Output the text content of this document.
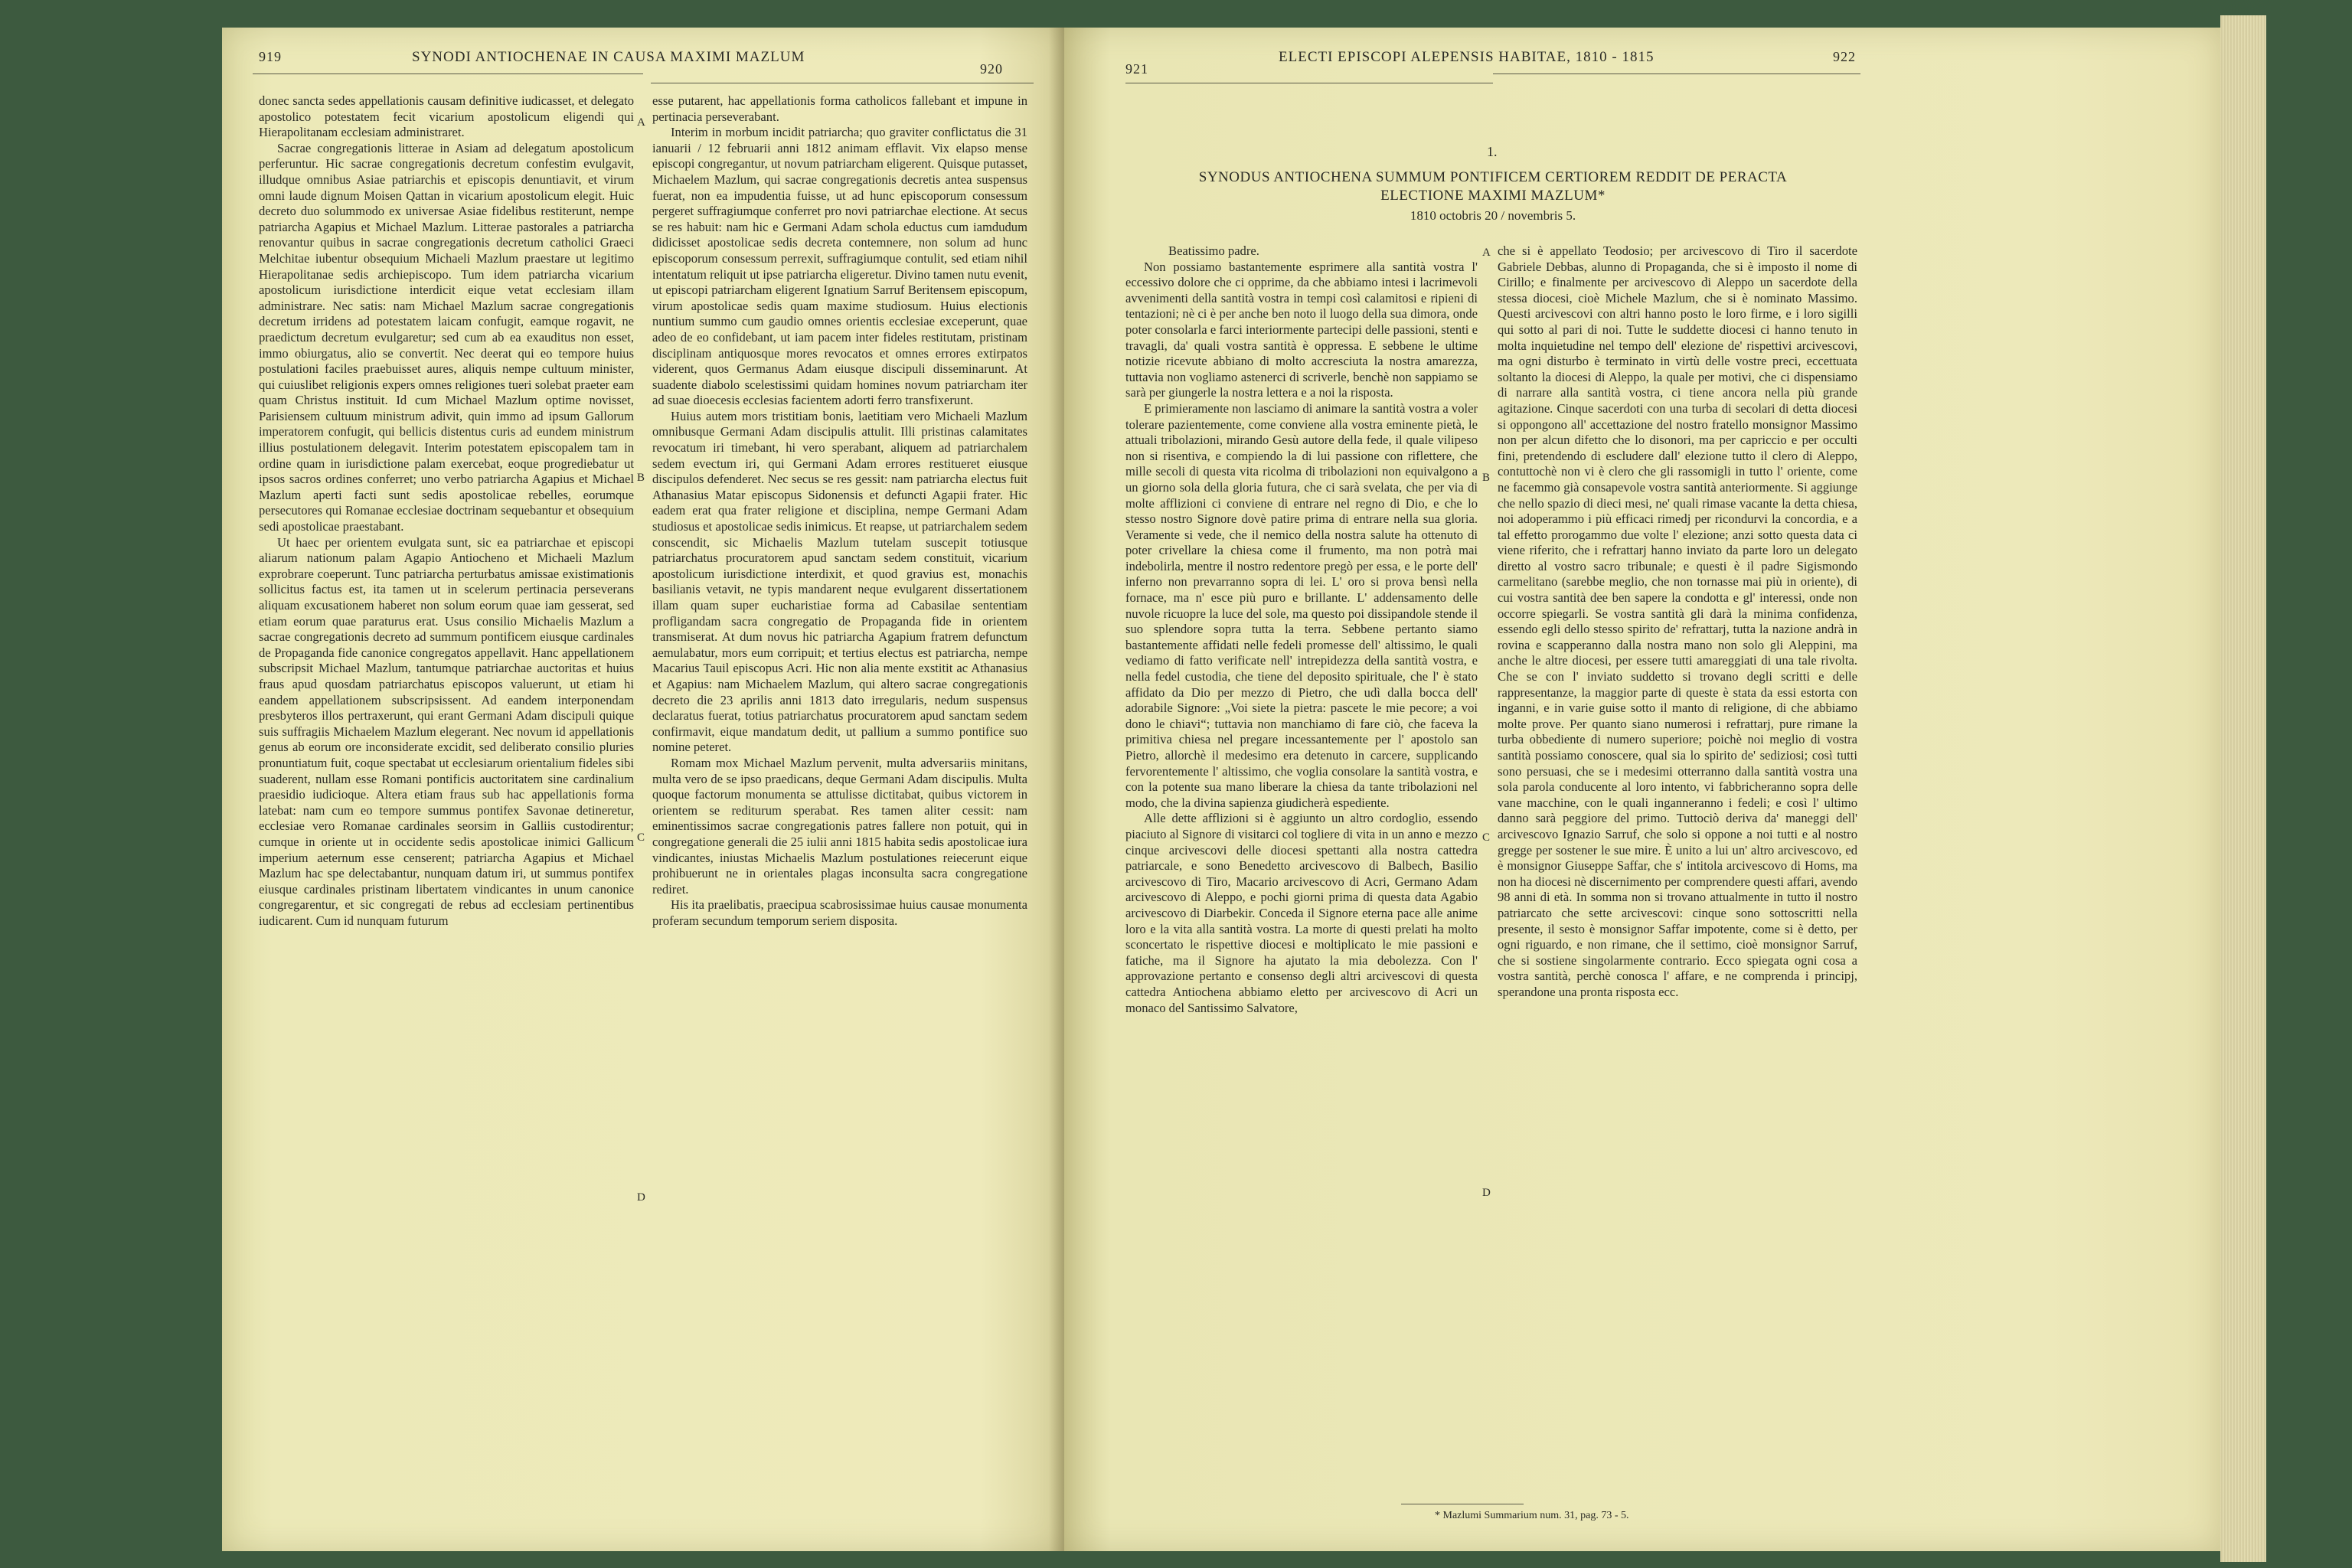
919	SYNODI ANTIOCHENAE IN CAUSA MAXIMI MAZLUM
920

donec sancta sedes appellationis causam definitive iudicasset, et delegato apostolico potestatem fecit vicarium apostolicum eligendi qui Hierapolitanam ecclesiam administraret.

Sacrae congregationis litterae in Asiam ad delegatum apostolicum perferuntur. Hic sacrae congregationis decretum confestim evulgavit, illudque omnibus Asiae patriarchis et episcopis denuntiavit, et virum omni laude dignum Moisen Qattan in vicarium apostolicum elegit. Huic decreto duo solummodo ex universae Asiae fidelibus restiterunt, nempe patriarcha Agapius et Michael Mazlum. Litterae pastorales a patriarcha renovantur quibus in sacrae congregationis decretum catholici Graeci Melchitae iubentur obsequium Michaeli Mazlum praestare ut legitimo Hierapolitanae sedis archiepiscopo. Tum idem patriarcha vicarium apostolicum iurisdictione interdicit eique vetat ecclesiam illam administrare. Nec satis: nam Michael Mazlum sacrae congregationis decretum irridens ad potestatem laicam confugit, eamque rogavit, ne praedictum decretum evulgaretur; sed cum ab ea exauditus non esset, immo obiurgatus, alio se convertit. Nec deerat qui eo tempore huius postulationi faciles praebuisset aures, aliquis nempe cultuum minister, qui cuiuslibet religionis expers omnes religiones tueri solebat praeter eam quam Christus instituit. Id cum Michael Mazlum optime novisset, Parisiensem cultuum ministrum adivit, quin immo ad ipsum Gallorum imperatorem confugit, qui bellicis distentus curis ad eundem ministrum illius postulationem delegavit. Interim potestatem episcopalem tam in ordine quam in iurisdictione palam exercebat, eoque progrediebatur ut ipsos sacros ordines conferret; uno verbo patriarcha Agapius et Michael Mazlum aperti facti sunt sedis apostolicae rebelles, eorumque persecutores qui Romanae ecclesiae doctrinam sequebantur et obsequium sedi apostolicae praestabant.

Ut haec per orientem evulgata sunt, sic ea patriarchae et episcopi aliarum nationum palam Agapio Antiocheno et Michaeli Mazlum exprobrare coeperunt. Tunc patriarcha perturbatus amissae existimationis sollicitus factus est, ita tamen ut in scelerum pertinacia perseverans aliquam excusationem haberet non solum eorum quae iam gesserat, sed etiam eorum quae paraturus erat. Usus consilio Michaelis Mazlum a sacrae congregationis decreto ad summum pontificem eiusque cardinales de Propaganda fide canonice congregatos appellavit. Hanc appellationem subscripsit Michael Mazlum, tantumque patriarchae auctoritas et huius fraus apud quosdam patriarchatus episcopos valuerunt, ut etiam hi eandem appellationem subscripsissent. Ad eandem interponendam presbyteros illos pertraxerunt, qui erant Germani Adam discipuli quique suis suffragiis Michaelem Mazlum elegerant. Nec novum id appellationis genus ab eorum ore inconsiderate excidit, sed deliberato consilio pluries pronuntiatum fuit, coque spectabat ut ecclesiarum orientalium fideles sibi suaderent, nullam esse Romani pontificis auctoritatem sine cardinalium praesidio iudicioque. Altera etiam fraus sub hac appellationis forma latebat: nam cum eo tempore summus pontifex Savonae detineretur, ecclesiae vero Romanae cardinales seorsim in Galliis custodirentur; cumque in oriente ut in occidente sedis apostolicae inimici Gallicum imperium aeternum esse censerent; patriarcha Agapius et Michael Mazlum hac spe delectabantur, nunquam datum iri, ut summus pontifex eiusque cardinales pristinam libertatem vindicantes in unum canonice congregarentur, et sic congregati de rebus ad ecclesiam pertinentibus iudicarent. Cum id nunquam futurum

A
B
C
D

esse putarent, hac appellationis forma catholicos fallebant et impune in pertinacia perseverabant.

Interim in morbum incidit patriarcha; quo graviter conflictatus die 31 ianuarii / 12 februarii anni 1812 animam efflavit. Vix elapso mense episcopi congregantur, ut novum patriarcham eligerent. Quisque putasset, Michaelem Mazlum, qui sacrae congregationis decretis antea suspensus fuerat, non ea impudentia fuisse, ut ad hunc episcoporum consessum pergeret suffragiumque conferret pro novi patriarchae electione. At secus se res habuit: nam hic e Germani Adam schola eductus cum iamdudum didicisset apostolicae sedis decreta contemnere, non solum ad hunc episcoporum consessum perrexit, suffragiumque contulit, sed etiam nihil intentatum reliquit ut ipse patriarcha eligeretur. Divino tamen nutu evenit, ut episcopi patriarcham eligerent Ignatium Sarruf Beritensem episcopum, virum apostolicae sedis quam maxime studiosum. Huius electionis nuntium summo cum gaudio omnes orientis ecclesiae exceperunt, quae adeo de eo confidebant, ut iam pacem inter fideles restitutam, pristinam disciplinam antiquosque mores revocatos et omnes errores extirpatos viderent, quos Germanus Adam eiusque discipuli disseminarunt. At suadente diabolo scelestissimi quidam homines novum patriarcham iter ad suae dioecesis ecclesias facientem adorti ferro transfixerunt.

Huius autem mors tristitiam bonis, laetitiam vero Michaeli Mazlum omnibusque Germani Adam discipulis attulit. Illi pristinas calamitates revocatum iri timebant, hi vero sperabant, aliquem ad patriarchalem sedem evectum iri, qui Germani Adam errores restitueret eiusque discipulos defenderet. Nec secus se res gessit: nam patriarcha electus fuit Athanasius Matar episcopus Sidonensis et defuncti Agapii frater. Hic eadem erat qua frater religione et disciplina, nempe Germani Adam studiosus et apostolicae sedis inimicus. Et reapse, ut patriarchalem sedem conscendit, sic Michaelis Mazlum tutelam suscepit totiusque patriarchatus procuratorem apud sanctam sedem constituit, vicarium apostolicum iurisdictione interdixit, et quod gravius est, monachis basilianis vetavit, ne typis mandarent neque evulgarent dissertationem illam quam super eucharistiae forma ad Cabasilae sententiam profligandam sacra congregatio de Propaganda fide in orientem transmiserat. At dum novus hic patriarcha Agapium fratrem defunctum aemulabatur, mors eum corripuit; et tertius electus est patriarcha, nempe Macarius Tauil episcopus Acri. Hic non alia mente exstitit ac Athanasius et Agapius: nam Michaelem Mazlum, qui altero sacrae congregationis decreto die 23 aprilis anni 1813 dato irregularis, nedum suspensus declaratus fuerat, totius patriarchatus procuratorem apud sanctam sedem confirmavit, eique mandatum dedit, ut pallium a summo pontifice suo nomine peteret.

Romam mox Michael Mazlum pervenit, multa adversariis minitans, multa vero de se ipso praedicans, deque Germani Adam discipulis. Multa quoque factorum monumenta se attulisse dictitabat, quibus victorem in orientem se rediturum sperabat. Res tamen aliter cessit: nam eminentissimos sacrae congregationis patres fallere non potuit, qui in congregatione generali die 25 iulii anni 1815 habita sedis apostolicae iura vindicantes, iniustas Michaelis Mazlum postulationes reiecerunt eique prohibuerunt ne in orientales plagas inconsulta sacra congregatione rediret.

His ita praelibatis, praecipua scabrosissimae huius causae monumenta proferam secundum temporum seriem disposita.

921
ELECTI EPISCOPI ALEPENSIS HABITAE, 1810 - 1815	922
1.
SYNODUS ANTIOCHENA SUMMUM PONTIFICEM CERTIOREM REDDIT DE PERACTA
ELECTIONE MAXIMI MAZLUM*
1810 octobris 20 / novembris 5.

Beatissimo padre.

Non possiamo bastantemente esprimere alla santità vostra l' eccessivo dolore che ci opprime, da che abbiamo intesi i lacrimevoli avvenimenti della santità vostra in tempi così calamitosi e ripieni di tentazioni; nè ci è per anche ben noto il luogo della sua dimora, onde poter consolarla e farci interiormente partecipi delle passioni, stenti e travagli, da' quali vostra santità è oppressa. E sebbene le ultime notizie ricevute abbiano di molto accresciuta la nostra amarezza, tuttavia non vogliamo astenerci di scriverle, benchè non sappiamo se sarà per giungerle la nostra lettera e a noi la risposta.

E primieramente non lasciamo di animare la santità vostra a voler tolerare pazientemente, come conviene alla vostra eminente pietà, le attuali tribolazioni, mirando Gesù autore della fede, il quale vilipeso non si risentiva, e compiendo la di lui passione con riflettere, che mille secoli di questa vita ricolma di tribolazioni non equivalgono a un giorno sola della gloria futura, che ci sarà svelata, che per via di molte afflizioni ci conviene di entrare nel regno di Dio, e che lo stesso nostro Signore dovè patire prima di entrare nella sua gloria. Veramente si vede, che il nemico della nostra salute ha ottenuto di poter crivellare la chiesa come il frumento, ma non potrà mai indebolirla, mentre il nostro redentore pregò per essa, e le porte dell' inferno non prevarranno sopra di lei. L' oro si prova bensì nella fornace, ma n' esce più puro e brillante. L' addensamento delle nuvole ricuopre la luce del sole, ma questo poi dissipandole stende il suo splendore sopra tutta la terra. Sebbene pertanto siamo bastantemente affidati nelle fedeli promesse dell' altissimo, le quali vediamo di fatto verificate nell' intrepidezza della santità vostra, e nella fedel custodia, che tiene del deposito spirituale, che l' è stato affidato da Dio per mezzo di Pietro, che udì dalla bocca dell' adorabile Signore: „Voi siete la pietra: pascete le mie pecore; a voi dono le chiavi“; tuttavia non manchiamo di fare ciò, che faceva la primitiva chiesa nel pregare incessantemente per l' apostolo san Pietro, allorchè il medesimo era detenuto in carcere, supplicando fervorentemente l' altissimo, che voglia consolare la santità vostra, e con la potente sua mano liberare la chiesa da tante tribolazioni nel modo, che la divina sapienza giudicherà espediente.

Alle dette afflizioni si è aggiunto un altro cordoglio, essendo piaciuto al Signore di visitarci col togliere di vita in un anno e mezzo cinque arcivescovi delle diocesi spettanti alla nostra cattedra patriarcale, e sono Benedetto arcivescovo di Balbech, Basilio arcivescovo di Tiro, Macario arcivescovo di Acri, Germano Adam arcivescovo di Aleppo, e pochi giorni prima di questa data Agabio arcivescovo di Diarbekir. Conceda il Signore eterna pace alle anime loro e la vita alla santità vostra. La morte di questi prelati ha molto sconcertato le rispettive diocesi e moltiplicato le mie passioni e fatiche, ma il Signore ha ajutato la mia debolezza. Con l' approvazione pertanto e consenso degli altri arcivescovi di questa cattedra Antiochena abbiamo eletto per arcivescovo di Acri un monaco del Santissimo Salvatore,

A
B
C
D

che si è appellato Teodosio; per arcivescovo di Tiro il sacerdote Gabriele Debbas, alunno di Propaganda, che si è imposto il nome di Cirillo; e finalmente per arcivescovo di Aleppo un sacerdote della stessa diocesi, cioè Michele Mazlum, che si è nominato Massimo. Questi arcivescovi con altri hanno posto le loro firme, e i loro sigilli qui sotto al pari di noi. Tutte le suddette diocesi ci hanno tenuto in molta inquietudine nel tempo dell' elezione de' rispettivi arcivescovi, ma ogni disturbo è terminato in virtù delle vostre preci, eccettuata soltanto la diocesi di Aleppo, la quale per motivi, che ci dispensiamo di narrare alla santità vostra, ci tiene ancora nella più grande agitazione. Cinque sacerdoti con una turba di secolari di detta diocesi si oppongono all' accettazione del nostro fratello monsignor Massimo non per alcun difetto che lo disonori, ma per capriccio e per occulti fini, pretendendo di escludere dall' elezione tutto il clero di Aleppo, contuttochè non vi è clero che gli rassomigli in tutto l' oriente, come ne facemmo già consapevole vostra santità anteriormente. Si aggiunge che nello spazio di dieci mesi, ne' quali rimase vacante la detta chiesa, noi adoperammo i più efficaci rimedj per ricondurvi la concordia, e a tal effetto prorogammo due volte l' elezione; anzi sotto questa data ci viene riferito, che i refrattarj hanno inviato da parte loro un delegato diretto al vostro sacro tribunale; e questi è il padre Sigismondo carmelitano (sarebbe meglio, che non tornasse mai più in oriente), di cui vostra santità dee ben sapere la condotta e gl' interessi, onde non occorre spiegarli. Se vostra santità gli darà la minima confidenza, essendo egli dello stesso spirito de' refrattarj, tutta la nazione andrà in rovina e scapperanno dalla nostra mano non solo gli Aleppini, ma anche le altre diocesi, per essere tutti amareggiati di una tale rivolta. Che se con l' inviato suddetto si trovano degli scritti e delle rappresentanze, la maggior parte di queste è stata da essi estorta con inganni, e in varie guise sotto il manto di religione, di che abbiamo molte prove. Per quanto siano numerosi i refrattarj, pure rimane la turba obbediente di numero superiore; poichè noi meglio di vostra santità possiamo conoscere, qual sia lo spirito de' sediziosi; così tutti sono persuasi, che se i medesimi otterranno dalla santità vostra una sola parola conducente al loro intento, vi fabbricheranno sopra delle vane macchine, con le quali inganneranno i fedeli; e così l' ultimo danno sarà peggiore del primo. Tuttociò deriva da' maneggi dell' arcivescovo Ignazio Sarruf, che solo si oppone a noi tutti e al nostro gregge per sostener le sue mire. È unito a lui un' altro arcivescovo, ed è monsignor Giuseppe Saffar, che s' intitola arcivescovo di Homs, ma non ha diocesi nè discernimento per comprendere questi affari, avendo 98 anni di età. In somma non si trovano attualmente in tutto il nostro patriarcato che sette arcivescovi: cinque sono sottoscritti nella presente, il sesto è monsignor Saffar impotente, come si è detto, per ogni riguardo, e non rimane, che il settimo, cioè monsignor Sarruf, che si sostiene singolarmente contrario. Ecco spiegata ogni cosa a vostra santità, perchè conosca l' affare, e ne comprenda i principj, sperandone una pronta risposta ecc.

* Mazlumi Summarium num. 31, pag. 73 - 5.
